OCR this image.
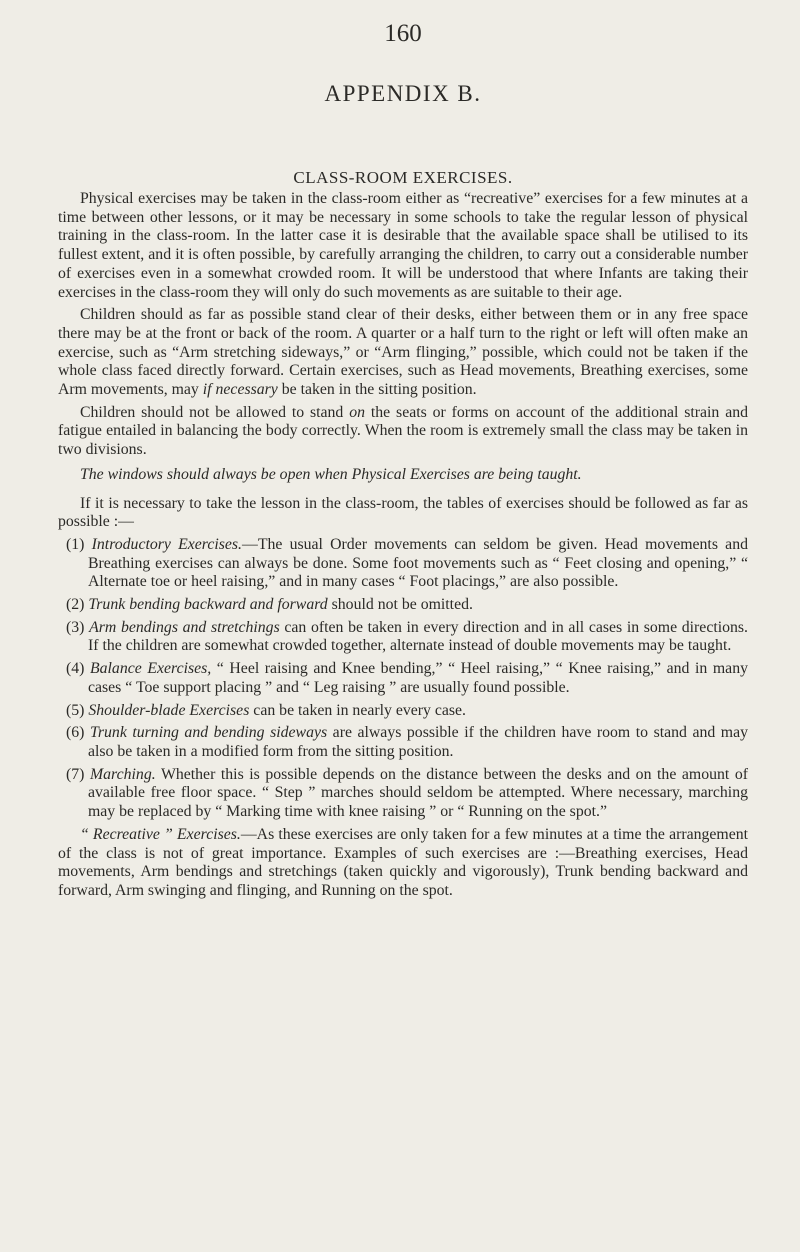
160
APPENDIX B.
CLASS-ROOM EXERCISES.

Physical exercises may be taken in the class-room either as “recreative” exercises for a few minutes at a time between other lessons, or it may be necessary in some schools to take the regular lesson of physical training in the class-room. In the latter case it is desirable that the available space shall be utilised to its fullest extent, and it is often possible, by carefully arranging the children, to carry out a considerable number of exercises even in a somewhat crowded room. It will be understood that where Infants are taking their exercises in the class-room they will only do such movements as are suitable to their age.

Children should as far as possible stand clear of their desks, either between them or in any free space there may be at the front or back of the room. A quarter or a half turn to the right or left will often make an exercise, such as “Arm stretching sideways,” or “Arm flinging,” possible, which could not be taken if the whole class faced directly forward. Certain exercises, such as Head movements, Breathing exercises, some Arm movements, may if necessary be taken in the sitting position.

Children should not be allowed to stand on the seats or forms on account of the additional strain and fatigue entailed in balancing the body correctly. When the room is extremely small the class may be taken in two divisions.

The windows should always be open when Physical Exercises are being taught.

If it is necessary to take the lesson in the class-room, the tables of exercises should be followed as far as possible :—

(1) Introductory Exercises.—The usual Order movements can seldom be given. Head movements and Breathing exercises can always be done. Some foot movements such as “ Feet closing and opening,” “ Alternate toe or heel raising,” and in many cases “ Foot placings,” are also possible.
(2) Trunk bending backward and forward should not be omitted.
(3) Arm bendings and stretchings can often be taken in every direction and in all cases in some directions. If the children are somewhat crowded together, alternate instead of double movements may be taught.
(4) Balance Exercises, “ Heel raising and Knee bending,” “ Heel raising,” “ Knee raising,” and in many cases “ Toe support placing ” and “ Leg raising ” are usually found possible.
(5) Shoulder-blade Exercises can be taken in nearly every case.
(6) Trunk turning and bending sideways are always possible if the children have room to stand and may also be taken in a modified form from the sitting position.
(7) Marching. Whether this is possible depends on the distance between the desks and on the amount of available free floor space. “ Step ” marches should seldom be attempted. Where necessary, marching may be replaced by “ Marking time with knee raising ” or “ Running on the spot.”

“ Recreative ” Exercises.—As these exercises are only taken for a few minutes at a time the arrangement of the class is not of great importance. Examples of such exercises are :—Breathing exercises, Head movements, Arm bendings and stretchings (taken quickly and vigorously), Trunk bending backward and forward, Arm swinging and flinging, and Running on the spot.
